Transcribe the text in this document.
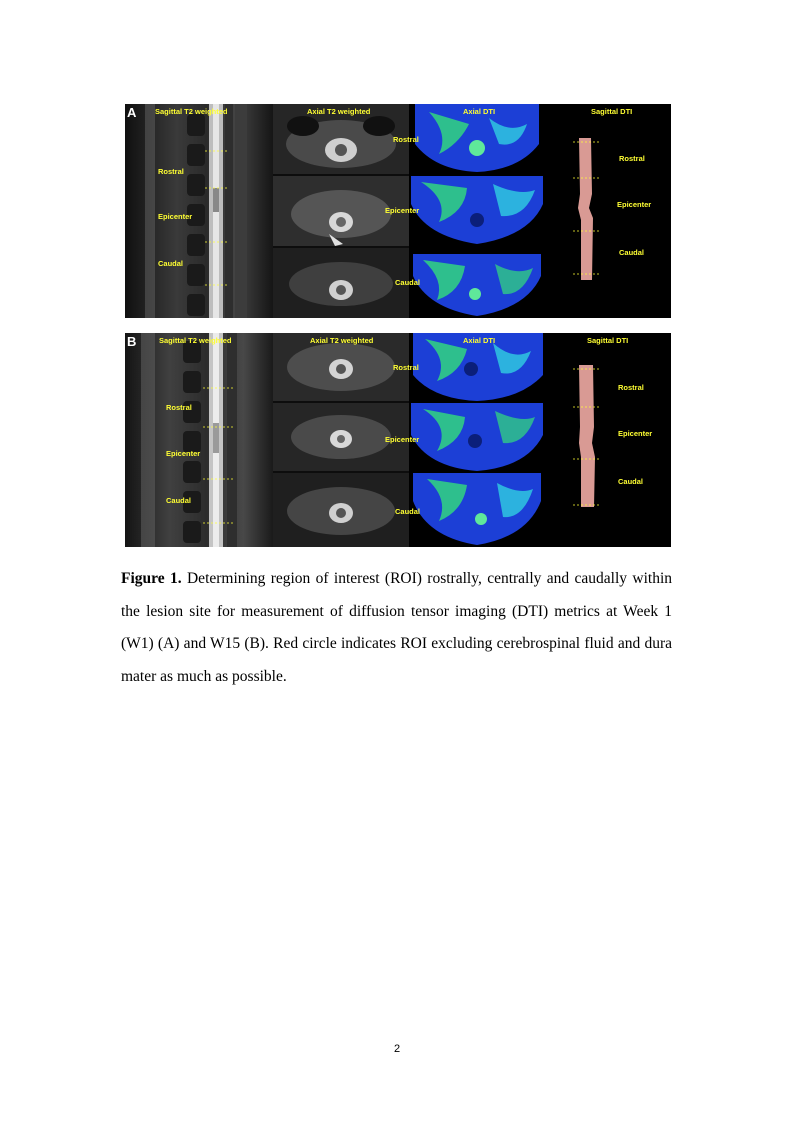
A Sagittal T2 weighted
Rostral
Epicenter
Caudal
Axial T2 weighted	Axial DTI
Rostral
Epicenter
Caudal
Sagittal DTI
Rostral
Epicenter
Caudal
B	Sagittal T2 weighted
Rostral
Epicenter
Caudal
Axial T2 weighted	Axial DTI
Rostral
Epicenter
Caudal
Sagittal DTI
Rostral
Epicenter
Caudal
Figure 1. Determining region of interest (ROI) rostrally, centrally and caudally within the lesion site for measurement of diffusion tensor imaging (DTI) metrics at Week 1 (W1) (A) and W15 (B). Red circle indicates ROI excluding cerebrospinal fluid and dura mater as much as possible.
2
